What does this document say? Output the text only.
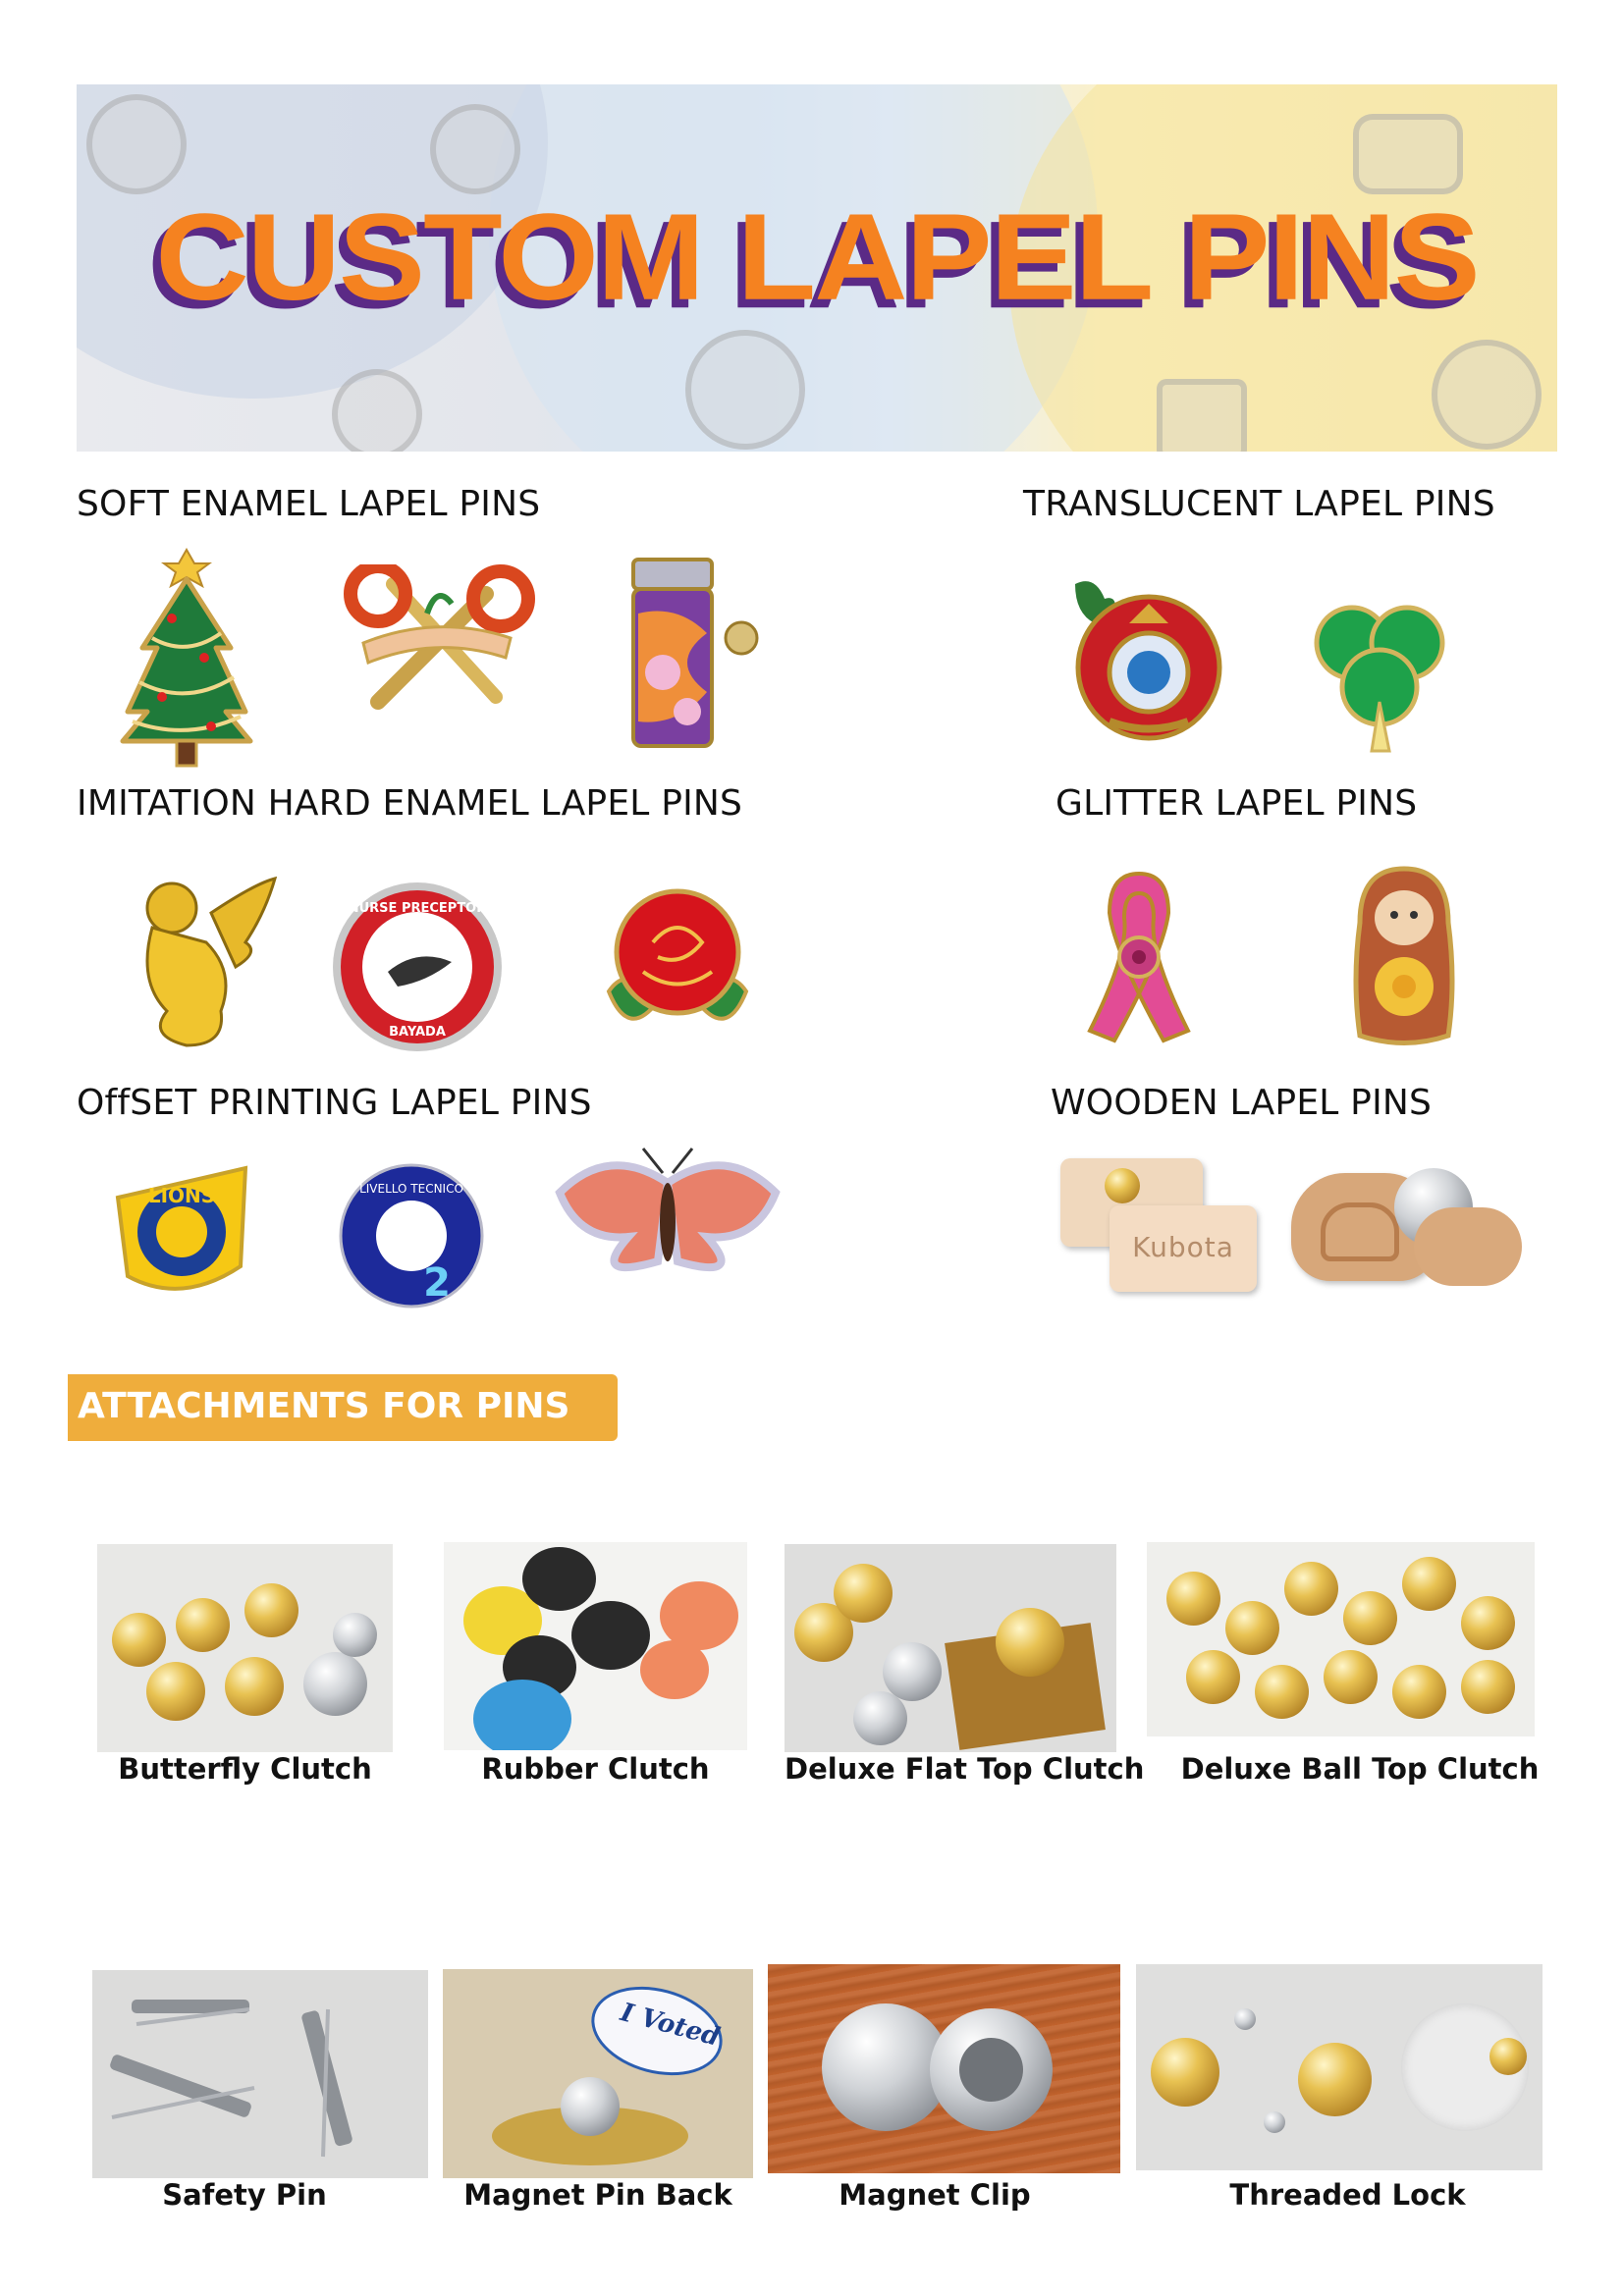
CUSTOM LAPEL PINS
SOFT ENAMEL LAPEL PINS	TRANSLUCENT LAPEL PINS
IMITATION HARD ENAMEL LAPEL PINS	GLITTER LAPEL PINS
OffSET PRINTING LAPEL PINS	WOODEN LAPEL PINS
NURSE PRECEPTOR
BAYADA
LIONS	LIVELLO TECNICO
2
Kubota
ATTACHMENTS FOR PINS
Butterfly Clutch	Rubber Clutch	Deluxe Flat Top Clutch Deluxe Ball Top Clutch
Safety Pin
I Voted
Magnet Pin Back	Magnet Clip	Threaded Lock
